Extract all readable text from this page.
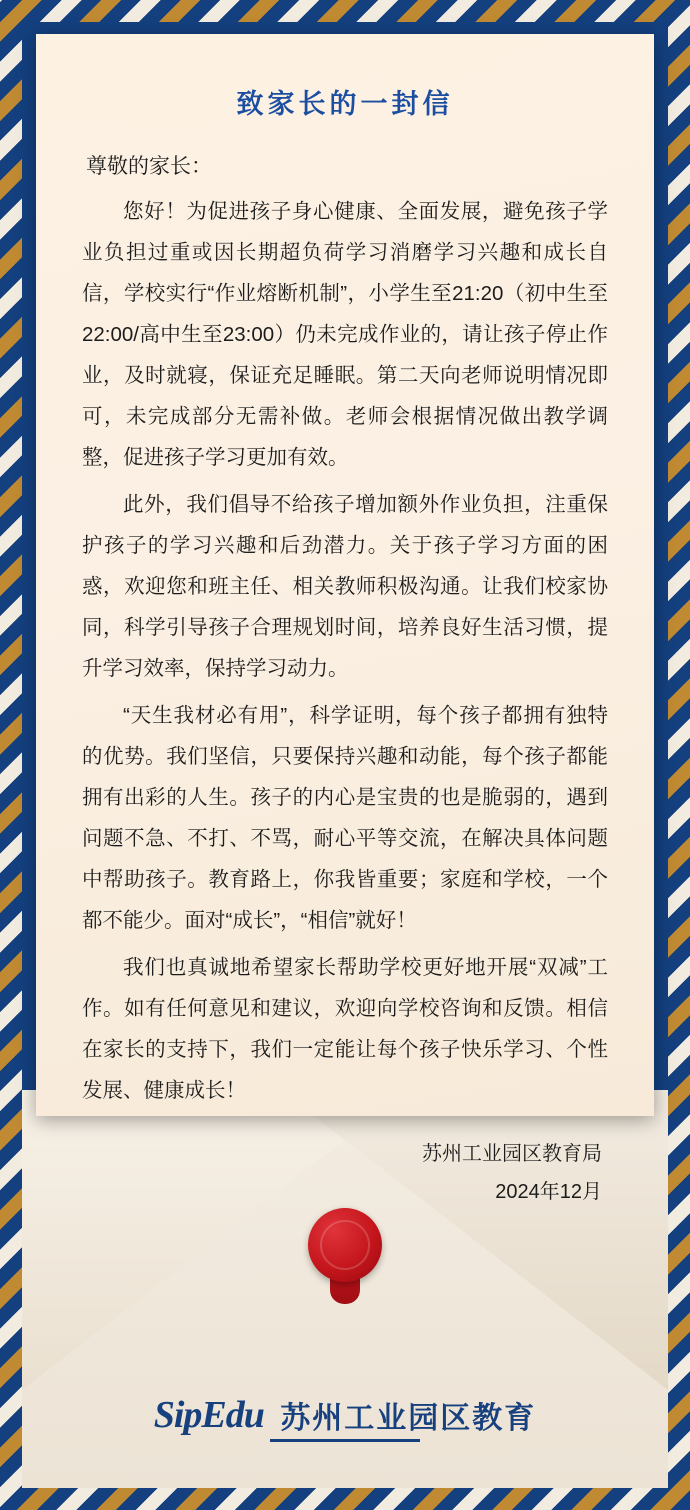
SipEdu 苏州工业园区教育
致家长的一封信

尊敬的家长：

您好！为促进孩子身心健康、全面发展，避免孩子学业负担过重或因长期超负荷学习消磨学习兴趣和成长自信，学校实行“作业熔断机制”，小学生至21:20（初中生至22:00/高中生至23:00）仍未完成作业的，请让孩子停止作业，及时就寝，保证充足睡眠。第二天向老师说明情况即可，未完成部分无需补做。老师会根据情况做出教学调整，促进孩子学习更加有效。

此外，我们倡导不给孩子增加额外作业负担，注重保护孩子的学习兴趣和后劲潜力。关于孩子学习方面的困惑，欢迎您和班主任、相关教师积极沟通。让我们校家协同，科学引导孩子合理规划时间，培养良好生活习惯，提升学习效率，保持学习动力。

“天生我材必有用”，科学证明，每个孩子都拥有独特的优势。我们坚信，只要保持兴趣和动能，每个孩子都能拥有出彩的人生。孩子的内心是宝贵的也是脆弱的，遇到问题不急、不打、不骂，耐心平等交流，在解决具体问题中帮助孩子。教育路上，你我皆重要；家庭和学校，一个都不能少。面对“成长”，“相信”就好！

我们也真诚地希望家长帮助学校更好地开展“双减”工作。如有任何意见和建议，欢迎向学校咨询和反馈。相信在家长的支持下，我们一定能让每个孩子快乐学习、个性发展、健康成长！

苏州工业园区教育局
2024年12月
